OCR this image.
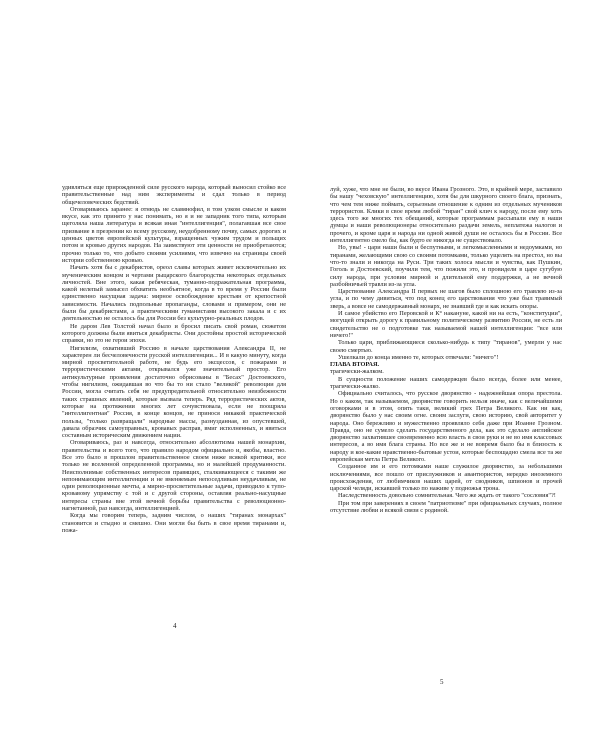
удивляться еще прирожденной силе русского народа, который выносил стойко все правительственные над ним эксперименты и сдал только в период общечеловеческих бедствий.

Оговариваюсь заранее: я отнюдь не славянофил, в том узком смысле и каком вкусе, как это принято у нас понимать, но я и не западник того типа, которым щеголяла наша литература и всякая иная "интеллигенция", полагавшая все свое призвание в презрении ко всему русскому, неудобренному почву, самых дорогих и ценных цветов европейской культуры, взращенных чужим трудом и польщих потом и кровью других народов. На заимствуют эти ценности не приобретаются; прочно только то, что добыто своими усилиями, что извечно на страницы своей истории собственною кровью.

Начать хотя бы с декабристов, ореол славы которых живет исключительно их мученическим концом и чертами рыцарского благородства некоторых отдельных личностей. Вне этого, какая ребяческая, туманно-подражательная программа, какой нелепый замысел обхватить необъятное, когда в то время у России были единственно насущная задача: мирное освобождение крестьян от крепостной зависимости. Начались подпольные пропаганды, словами и примером, они не были бы декабристами, а практическими гуманистами высокого закала и с их деятельностью не осталось бы для России без культурно-реальных плодов.

Не даром Лев Толстой начал было и бросил писать свой роман, сюжетом которого должны были явиться декабристы. Они достойны простой исторической справки, но это не герои эпохи.

Нигилизм, охвативший Россию в начале царствования Александра II, не характерен ли бесчеловечности русской интеллигенции... И в какую минуту, когда мирной просветительной работе, не будь его эксцессов, с пожарами и террористическими актами, открывался уже значительный простор. Его антикультурные проявления достаточно обрисованы в "Бесах" Достоевского, чтобы нигилизм, ожидавшая во что бы то ни стало "великой" революции для России, могла считать себя не предупредительной относительно неизбежности таких страшных явлений, которые вызвала теперь. Ряд террористических актов, которые на протяжении многих лет сочувствовала, если не поощряла "интеллигентная" Россия, в конце концов, не принося никакой практической пользы, "только развращали" народные массы, разнузданная, из опустевшей, давала образчик самоуправных, кровавых расправ, вмиг исполненных, и явиться составным историческим движением нации.

Оговариваюсь, раз и навсегда, относительно абсолютизма нашей монархии, правительства и всего того, что правило народом официально и, якобы, властно. Все это было в прошлом правительственное своем ниже всякой критики, все только не вселенной определенной программы, но и малейшей продуманности. Неисполнимые собственных интересов правящих, сталкивающееся с такими же непонимающим интеллигенции и не вменяемым непоседливым неудачливым, не один революционные мечты, а мирно-просветительные задачи, приводило к тупо-кровавому упрямству с той и с другой стороны, оставляя реально-насущные интересы страны вне этой вечной борьбы правительства с революционно-нагнетанной, раз навсегда, интеллигенцией.

Когда мы говорим теперь, задним числом, о наших "тиранах монархах" становится и стыдно и смешно. Они могли бы быть в свое время тиранами и, пожа-

4

луй, хуже, что мне не были, во вкусе Ивана Грозного. Это, в крайней мере, заставило бы нашу "чеховскую" интеллигенцию, хотя бы для шкурного своего блага, признать, что чем тем ниже поймать, серьезным отношение к одним из отдельных мучеников террористов. Клики в свое время любой "тиран" свой клич к народу, после ему хоть здесь того же многих тех обещаний, которые программам рассыпали ему в наши думцы и наши революционеры относительно раздачи земель, неплатежа налогов и прочего, и кроме царя и народа ни одной живой души не осталось бы в России. Все интеллигентно смело бы, как будто ее никогда не существовало.

Но, увы! - цари наши были и беспутными, и легкомысленными и недоумками, но тиранами, желающими свою со своими потомками, только ущелять на престол, но вы что-то знали и никогда на Руси. Три таких холоса мысли и чувства, как Пушкин, Гоголь и Достоевский, поучили тем, что пожили это, и провидели в царе сугубую силу народа, при условии мирной и длительной ему поддержки, а не вечной разбойничьей травли из-за угла.

Царствование Александра II первых не шагов было сплошною его травлею из-за угла, и по чему дивиться, что под конец его царствования что уже был травимый зверь, а вовсе не самодержавный монарх, не знавший где и как искать опоры.

И самое убийство его Перовской и К° накануне, какой ни на есть, "конституции", могущей открыть дорогу к правильному политическому развитию России, не есть ли свидетельство не о подготовке так называемой нашей интеллигенции: "все или ничего!"

Только цари, приближающиеся сколько-нибудь к типу "тиранов", умерли у нас своею смертью.

Ушелкали до конца именно те, которых отвечали: "ничего"!

ГЛАВА ВТОРАЯ.

трагически-жалком.

В сущности положение наших самодержцев было всегда, более или менее, трагически-жалко.

Официально считалось, что русское дворянство - надежнейшая опора престола. Но о каком, так называемом, дворянстве говорить нельзя иначе, как с величайшими оговорками и в этом, опять таки, великий грех Петра Великого. Как ни как, дворянство было у нас своим огне. своим заслуги, свою историю, свой авторитет у народа. Оно бережливо и мужественно проявляло себя даже при Иоанне Грозном. Правда, оно не сумело сделать государственного дела, как это сделало английское дворянство захватившее своевременно всю власть в свои руки и не во имя классовых интересов, а во имя блага страны. Но все же и не вовремя было бы в близость к народу и кое-какие нравственно-бытовые устои, которые беспощадно смела все та же европейская метла Петра Великого.

Созданное им и его потомками наше служилое дворянство, за небольшими исключениями, все пошло от прислужников и авантюристов, нередко иноземного происхождения, от любимчиков наших царей, от сводников, шпионов и прочей царской челяди, искавшей только по наживе у подножья трона.

Наследственность довольно сомнительная. Чего же ждать от такого "сословия"?!

При том при заверениях в своем "патриотизме" при официальных случаях, полное отсутствие любви и всякой связи с родиной.

5
